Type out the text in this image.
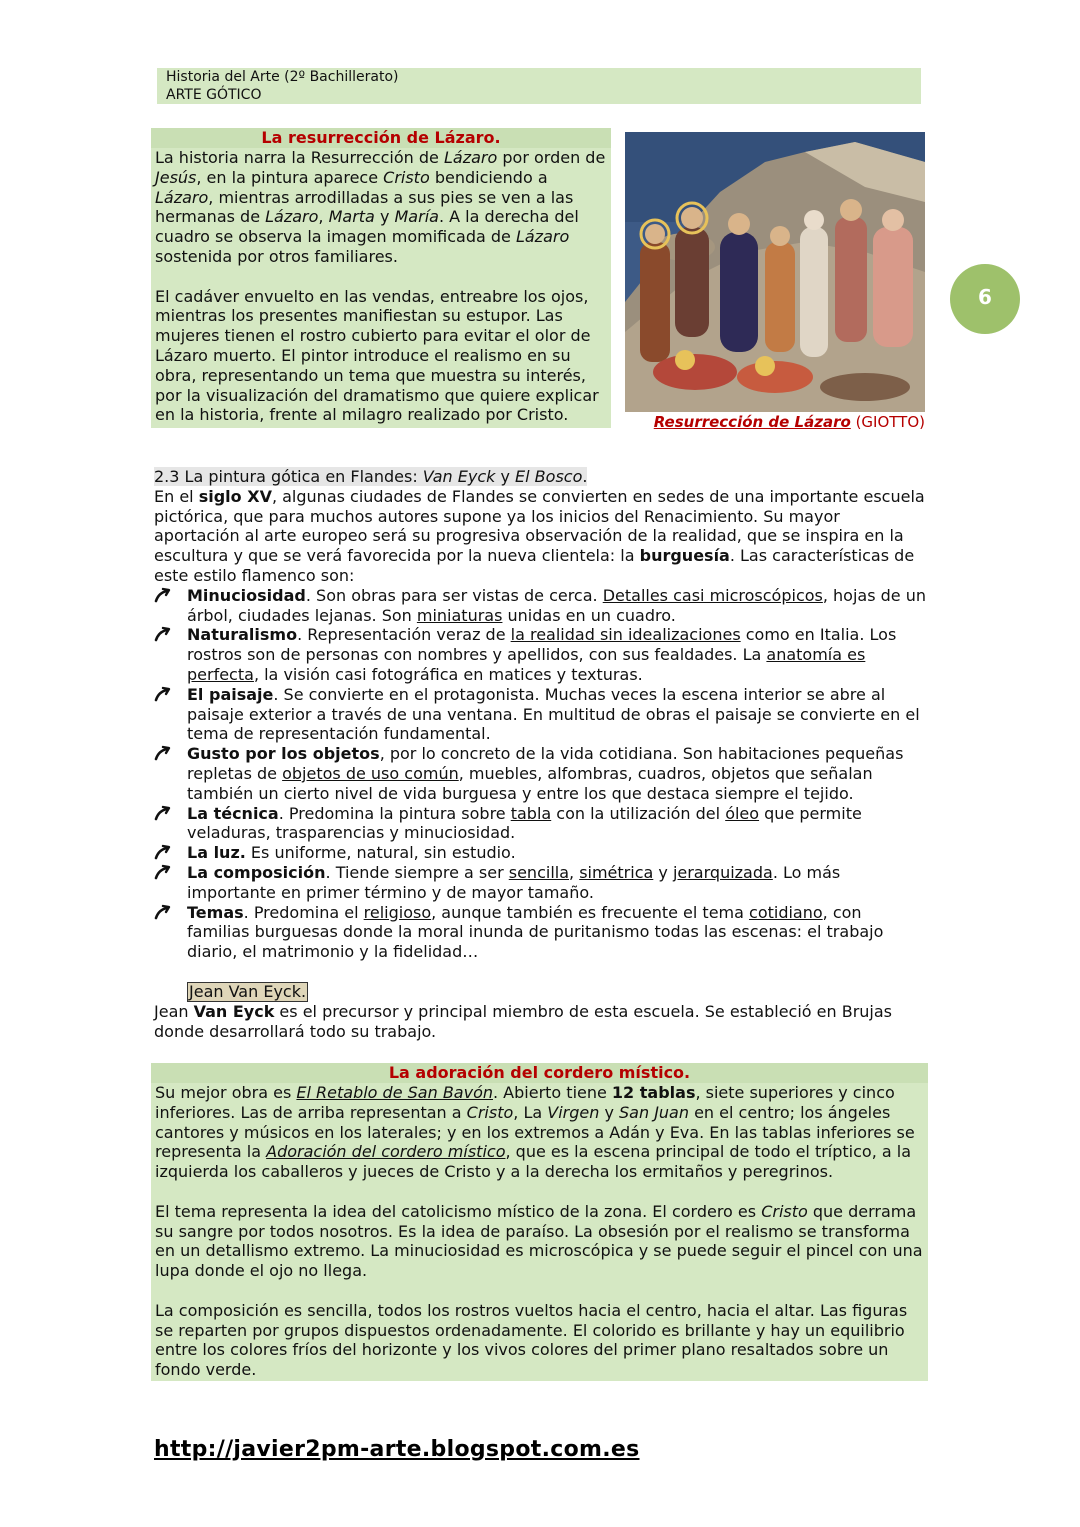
Historia del Arte (2º Bachillerato)
ARTE GÓTICO
La resurrección de Lázaro.

La historia narra la Resurrección de Lázaro por orden de Jesús, en la pintura aparece Cristo bendiciendo a Lázaro, mientras arrodilladas a sus pies se ven a las hermanas de Lázaro, Marta y María. A la derecha del cuadro se observa la imagen momificada de Lázaro sostenida por otros familiares.

El cadáver envuelto en las vendas, entreabre los ojos, mientras los presentes manifiestan su estupor. Las mujeres tienen el rostro cubierto para evitar el olor de Lázaro muerto. El pintor introduce el realismo en su obra, representando un tema que muestra su interés, por la visualización del dramatismo que quiere explicar en la historia, frente al milagro realizado por Cristo.	Resurrección de Lázaro (GIOTTO)
6

2.3 La pintura gótica en Flandes: Van Eyck y El Bosco.

En el siglo XV, algunas ciudades de Flandes se convierten en sedes de una importante escuela pictórica, que para muchos autores supone ya los inicios del Renacimiento. Su mayor aportación al arte europeo será su progresiva observación de la realidad, que se inspira en la escultura y que se verá favorecida por la nueva clientela: la burguesía. Las características de este estilo flamenco son:

Minuciosidad. Son obras para ser vistas de cerca. Detalles casi microscópicos, hojas de un árbol, ciudades lejanas. Son miniaturas unidas en un cuadro.
Naturalismo. Representación veraz de la realidad sin idealizaciones como en Italia. Los rostros son de personas con nombres y apellidos, con sus fealdades. La anatomía es perfecta, la visión casi fotográfica en matices y texturas.
El paisaje. Se convierte en el protagonista. Muchas veces la escena interior se abre al paisaje exterior a través de una ventana. En multitud de obras el paisaje se convierte en el tema de representación fundamental.
Gusto por los objetos, por lo concreto de la vida cotidiana. Son habitaciones pequeñas repletas de objetos de uso común, muebles, alfombras, cuadros, objetos que señalan también un cierto nivel de vida burguesa y entre los que destaca siempre el tejido.
La técnica. Predomina la pintura sobre tabla con la utilización del óleo que permite veladuras, trasparencias y minuciosidad.
La luz. Es uniforme, natural, sin estudio.
La composición. Tiende siempre a ser sencilla, simétrica y jerarquizada. Lo más importante en primer término y de mayor tamaño.
Temas. Predomina el religioso, aunque también es frecuente el tema cotidiano, con familias burguesas donde la moral inunda de puritanismo todas las escenas: el trabajo diario, el matrimonio y la fidelidad…

Jean Van Eyck.

Jean Van Eyck es el precursor y principal miembro de esta escuela. Se estableció en Brujas donde desarrollará todo su trabajo.

La adoración del cordero místico.

Su mejor obra es El Retablo de San Bavón. Abierto tiene 12 tablas, siete superiores y cinco inferiores. Las de arriba representan a Cristo, La Virgen y San Juan en el centro; los ángeles cantores y músicos en los laterales; y en los extremos a Adán y Eva. En las tablas inferiores se representa la Adoración del cordero místico, que es la escena principal de todo el tríptico, a la izquierda los caballeros y jueces de Cristo y a la derecha los ermitaños y peregrinos.

El tema representa la idea del catolicismo místico de la zona. El cordero es Cristo que derrama su sangre por todos nosotros. Es la idea de paraíso. La obsesión por el realismo se transforma en un detallismo extremo. La minuciosidad es microscópica y se puede seguir el pincel con una lupa donde el ojo no llega.

La composición es sencilla, todos los rostros vueltos hacia el centro, hacia el altar. Las figuras se reparten por grupos dispuestos ordenadamente. El colorido es brillante y hay un equilibrio entre los colores fríos del horizonte y los vivos colores del primer plano resaltados sobre un fondo verde.

http://javier2pm-arte.blogspot.com.es
